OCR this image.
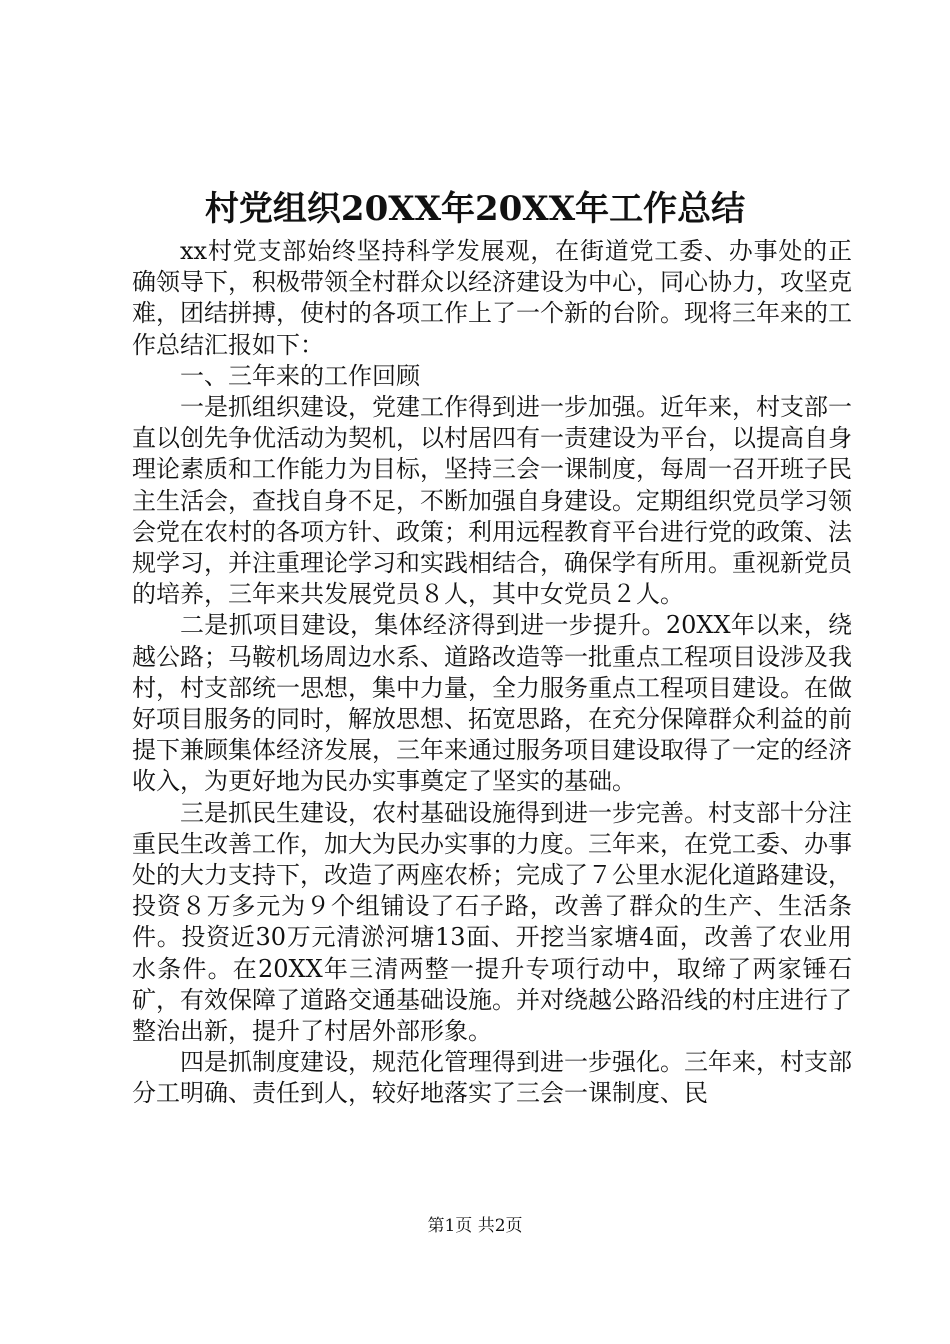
村党组织20XX年20XX年工作总结

xx村党支部始终坚持科学发展观，在街道党工委、办事处的正确领导下，积极带领全村群众以经济建设为中心，同心协力，攻坚克难，团结拼搏，使村的各项工作上了一个新的台阶。现将三年来的工作总结汇报如下：

一、三年来的工作回顾

一是抓组织建设，党建工作得到进一步加强。近年来，村支部一直以创先争优活动为契机，以村居四有一责建设为平台，以提高自身理论素质和工作能力为目标，坚持三会一课制度，每周一召开班子民主生活会，查找自身不足，不断加强自身建设。定期组织党员学习领会党在农村的各项方针、政策；利用远程教育平台进行党的政策、法规学习，并注重理论学习和实践相结合，确保学有所用。重视新党员的培养，三年来共发展党员８人，其中女党员２人。

二是抓项目建设，集体经济得到进一步提升。20XX年以来，绕越公路；马鞍机场周边水系、道路改造等一批重点工程项目设涉及我村，村支部统一思想，集中力量，全力服务重点工程项目建设。在做好项目服务的同时，解放思想、拓宽思路，在充分保障群众利益的前提下兼顾集体经济发展，三年来通过服务项目建设取得了一定的经济收入，为更好地为民办实事奠定了坚实的基础。

三是抓民生建设，农村基础设施得到进一步完善。村支部十分注重民生改善工作，加大为民办实事的力度。三年来，在党工委、办事处的大力支持下，改造了两座农桥；完成了７公里水泥化道路建设，投资８万多元为９个组铺设了石子路，改善了群众的生产、生活条件。投资近30万元清淤河塘13面、开挖当家塘4面，改善了农业用水条件。在20XX年三清两整一提升专项行动中，取缔了两家锤石矿，有效保障了道路交通基础设施。并对绕越公路沿线的村庄进行了整治出新，提升了村居外部形象。

四是抓制度建设，规范化管理得到进一步强化。三年来，村支部分工明确、责任到人，较好地落实了三会一课制度、民

第1页 共2页
